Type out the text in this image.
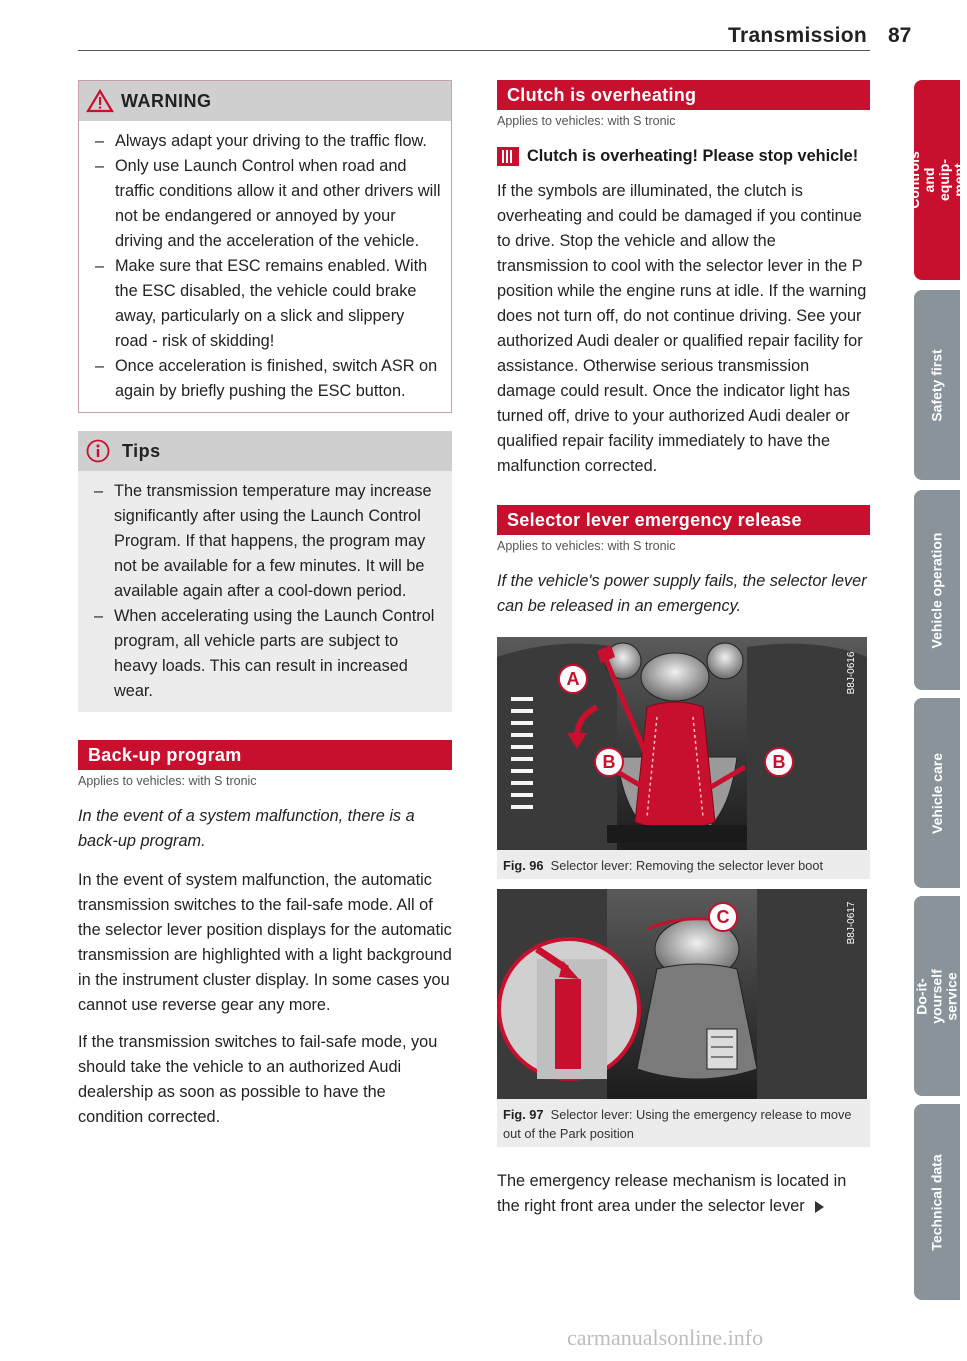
Transmission 87
WARNING
– Always adapt your driving to the traffic flow.
– Only use Launch Control when road and traffic conditions allow it and other drivers will not be endangered or annoyed by your driving and the acceleration of the vehicle.
– Make sure that ESC remains enabled. With the ESC disabled, the vehicle could brake away, particularly on a slick and slippery road - risk of skidding!
– Once acceleration is finished, switch ASR on again by briefly pushing the ESC button.
Tips
– The transmission temperature may increase significantly after using the Launch Control Program. If that happens, the program may not be available for a few minutes. It will be available again after a cool-down period.
– When accelerating using the Launch Control program, all vehicle parts are subject to heavy loads. This can result in increased wear.
Back-up program
Applies to vehicles: with S tronic

In the event of a system malfunction, there is a back-up program.

In the event of system malfunction, the automatic transmission switches to the fail-safe mode. All of the selector lever position displays for the automatic transmission are highlighted with a light background in the instrument cluster display. In some cases you cannot use reverse gear any more.

If the transmission switches to fail-safe mode, you should take the vehicle to an authorized Audi dealership as soon as possible to have the condition corrected.

Clutch is overheating
Applies to vehicles: with S tronic
Clutch is overheating! Please stop vehicle!

If the symbols are illuminated, the clutch is overheating and could be damaged if you continue to drive. Stop the vehicle and allow the transmission to cool with the selector lever in the P position while the engine runs at idle. If the warning does not turn off, do not continue driving. See your authorized Audi dealer or qualified repair facility for assistance. Otherwise serious transmission damage could result. Once the indicator light has turned off, drive to your authorized Audi dealer or qualified repair facility immediately to have the malfunction corrected.

Selector lever emergency release
Applies to vehicles: with S tronic

If the vehicle's power supply fails, the selector lever can be released in an emergency.

A
B	B
B8J-0616
Fig. 96 Selector lever: Removing the selector lever boot
C	B8J-0617
Fig. 97 Selector lever: Using the emergency release to move out of the Park position

The emergency release mechanism is located in the right front area under the selector lever

Controls and equip-
ment
Safety first
Vehicle operation
Vehicle care
Do-it-yourself
service
Technical data
carmanualsonline.info
